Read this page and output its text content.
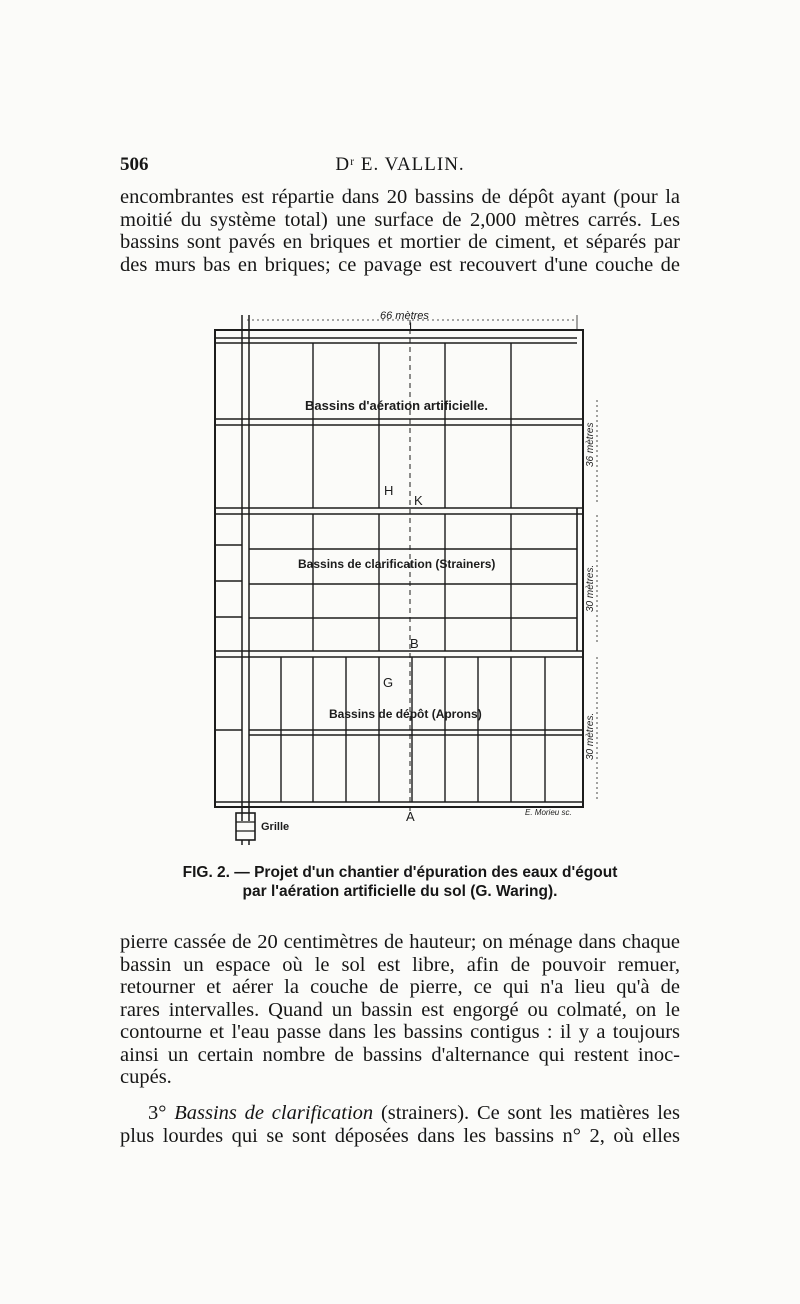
506	Dʳ E. VALLIN.
encombrantes est répartie dans 20 bassins de dépôt ayant (pour la
moitié du système total) une surface de 2,000 mètres carrés. Les
bassins sont pavés en briques et mortier de ciment, et séparés par
des murs bas en briques; ce pavage est recouvert d'une couche de
66 mètres
L
Bassins d'aération artificielle.
H
K
Bassins de clarification (Strainers)
B
G
Bassins de dépôt (Aprons)
A
Grille
E. Morieu sc.
36 mètres
30 mètres.
30 mètres.
FIG. 2. — Projet d'un chantier d'épuration des eaux d'égout
par l'aération artificielle du sol (G. Waring).
pierre cassée de 20 centimètres de hauteur; on ménage dans chaque
bassin un espace où le sol est libre, afin de pouvoir remuer,
retourner et aérer la couche de pierre, ce qui n'a lieu qu'à de
rares intervalles. Quand un bassin est engorgé ou colmaté, on le
contourne et l'eau passe dans les bassins contigus : il y a toujours
ainsi un certain nombre de bassins d'alternance qui restent inoc-
cupés.
3° Bassins de clarification (strainers). Ce sont les matières les
plus lourdes qui se sont déposées dans les bassins n° 2, où elles
